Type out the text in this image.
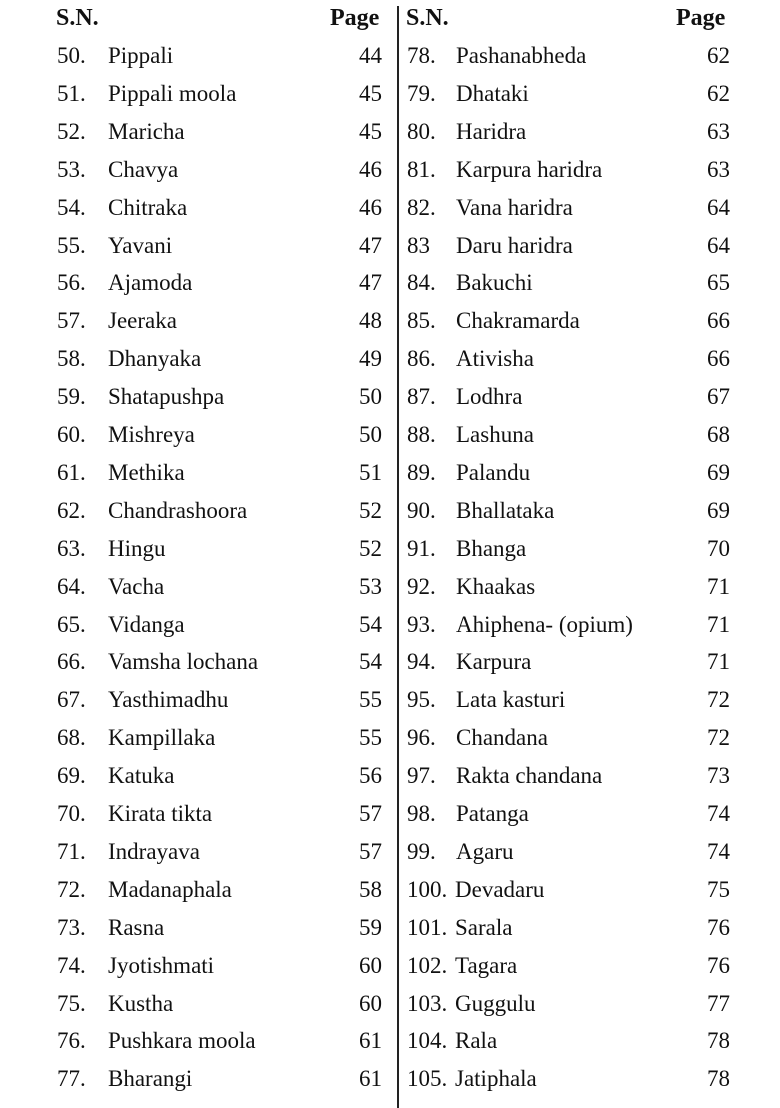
S.N.	Page
50. Pippali	44
51. Pippali moola	45
52. Maricha	45
53. Chavya	46
54. Chitraka	46
55. Yavani	47
56. Ajamoda	47
57. Jeeraka	48
58. Dhanyaka	49
59. Shatapushpa	50
60. Mishreya	50
61. Methika	51
62. Chandrashoora	52
63. Hingu	52
64. Vacha	53
65. Vidanga	54
66. Vamsha lochana	54
67. Yasthimadhu	55
68. Kampillaka	55
69. Katuka	56
70. Kirata tikta	57
71. Indrayava	57
72. Madanaphala	58
73. Rasna	59
74. Jyotishmati	60
75. Kustha	60
76. Pushkara moola	61
77. Bharangi	61
S.N.	Page
78. Pashanabheda	62
79. Dhataki	62
80. Haridra	63
81. Karpura haridra	63
82. Vana haridra	64
83 Daru haridra	64
84. Bakuchi	65
85. Chakramarda	66
86. Ativisha	66
87. Lodhra	67
88. Lashuna	68
89. Palandu	69
90. Bhallataka	69
91. Bhanga	70
92. Khaakas	71
93. Ahiphena- (opium)	71
94. Karpura	71
95. Lata kasturi	72
96. Chandana	72
97. Rakta chandana	73
98. Patanga	74
99. Agaru	74
100. Devadaru	75
101. Sarala	76
102. Tagara	76
103. Guggulu	77
104. Rala	78
105. Jatiphala	78
